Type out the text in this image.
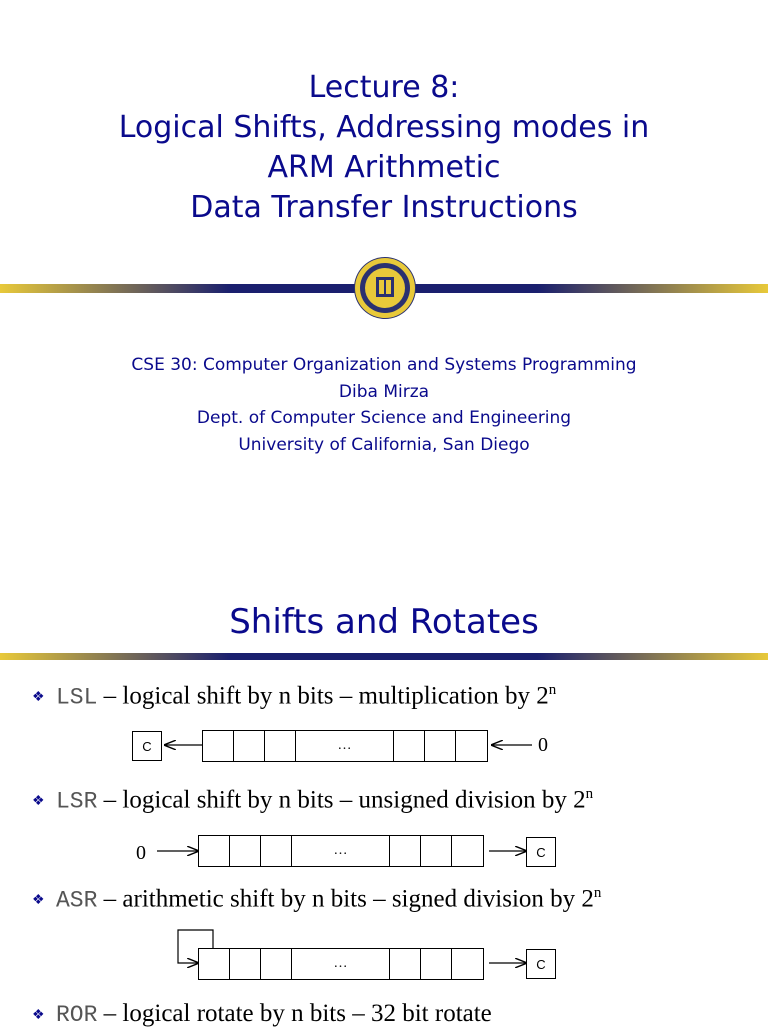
Lecture 8:
Logical Shifts, Addressing modes in
ARM Arithmetic
Data Transfer Instructions
CSE 30: Computer Organization and Systems Programming
Diba Mirza
Dept. of Computer Science and Engineering
University of California, San Diego
Shifts and Rotates
❖ LSL – logical shift by n bits – multiplication by 2$^n$
❖ LSR – logical shift by n bits – unsigned division by 2$^n$
❖ ASR – arithmetic shift by n bits – signed division by 2$^n$
❖ ROR – logical rotate by n bits – 32 bit rotate
C	…	0
0	…	C
…	C
